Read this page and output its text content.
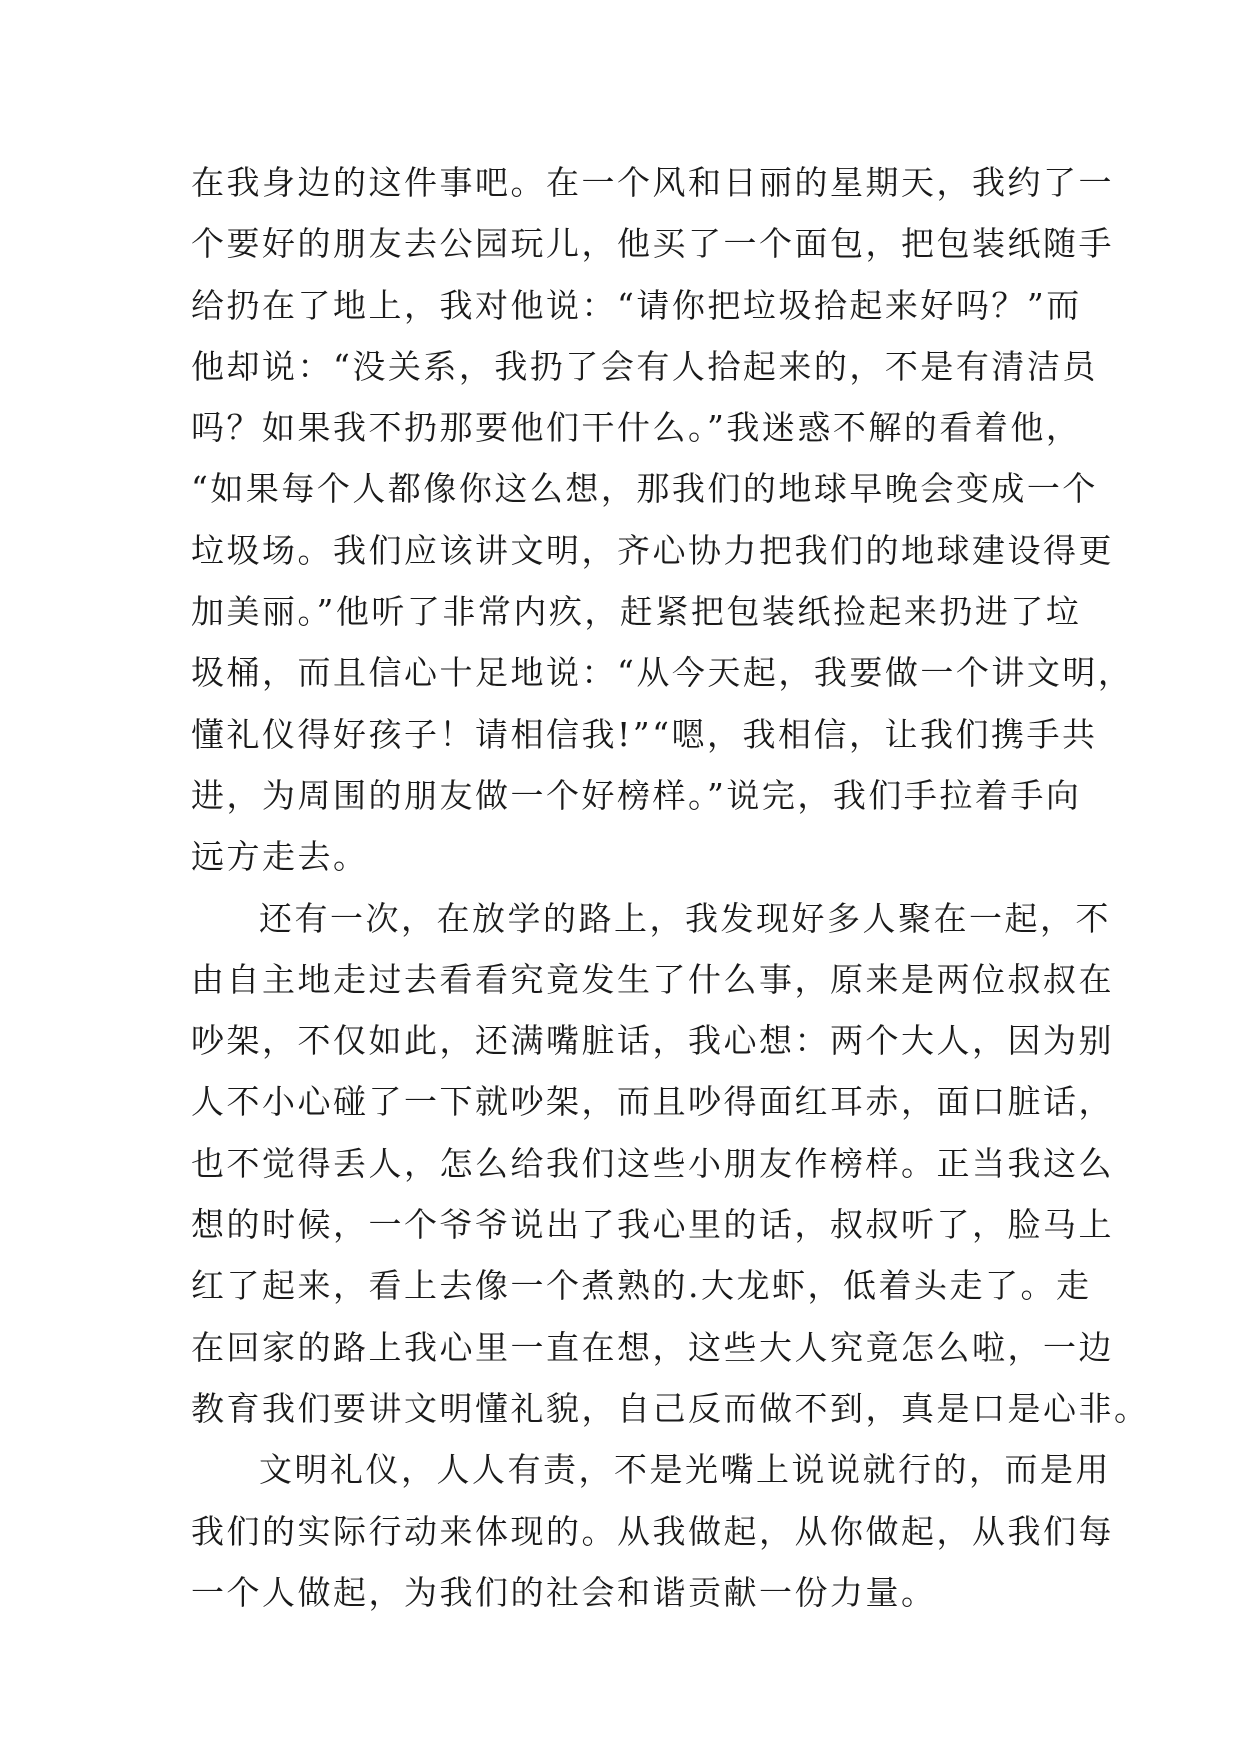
在我身边的这件事吧。在一个风和日丽的星期天，我约了一
个要好的朋友去公园玩儿，他买了一个面包，把包装纸随手
给扔在了地上，我对他说：“请你把垃圾拾起来好吗？”而
他却说：“没关系，我扔了会有人拾起来的，不是有清洁员
吗？如果我不扔那要他们干什么。”我迷惑不解的看着他，
“如果每个人都像你这么想，那我们的地球早晚会变成一个
垃圾场。我们应该讲文明，齐心协力把我们的地球建设得更
加美丽。”他听了非常内疚，赶紧把包装纸捡起来扔进了垃
圾桶，而且信心十足地说：“从今天起，我要做一个讲文明，
懂礼仪得好孩子！请相信我!”“嗯，我相信，让我们携手共
进，为周围的朋友做一个好榜样。”说完，我们手拉着手向
远方走去。
还有一次，在放学的路上，我发现好多人聚在一起，不
由自主地走过去看看究竟发生了什么事，原来是两位叔叔在
吵架，不仅如此，还满嘴脏话，我心想：两个大人，因为别
人不小心碰了一下就吵架，而且吵得面红耳赤，面口脏话，
也不觉得丢人，怎么给我们这些小朋友作榜样。正当我这么
想的时候，一个爷爷说出了我心里的话，叔叔听了，脸马上
红了起来，看上去像一个煮熟的.大龙虾，低着头走了。走
在回家的路上我心里一直在想，这些大人究竟怎么啦，一边
教育我们要讲文明懂礼貌，自己反而做不到，真是口是心非。
文明礼仪，人人有责，不是光嘴上说说就行的，而是用
我们的实际行动来体现的。从我做起，从你做起，从我们每
一个人做起，为我们的社会和谐贡献一份力量。
